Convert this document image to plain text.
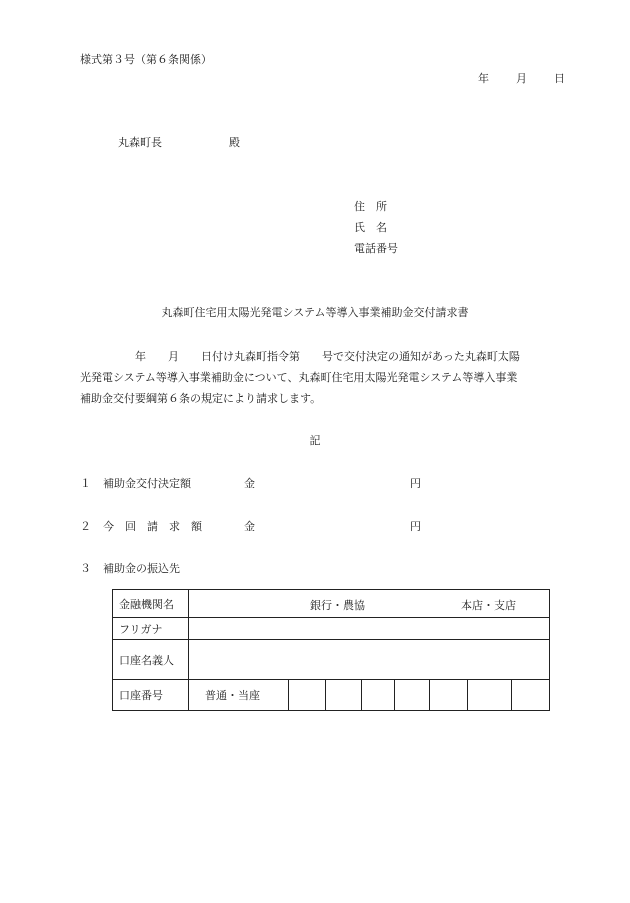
様式第３号（第６条関係）
年 月 日
丸森町長	殿
住　所
氏　名
電話番号
丸森町住宅用太陽光発電システム等導入事業補助金交付請求書
　　　　　年　　月　　日付け丸森町指令第　　号で交付決定の通知があった丸森町太陽
光発電システム等導入事業補助金について、丸森町住宅用太陽光発電システム等導入事業
補助金交付要綱第６条の規定により請求します。
記
１ 補助金交付決定額	金	円
２ 今　回　請　求　額	金	円
３ 補助金の振込先
金融機関名	銀行・農協 本店・支店							

フリガナ								
口座名義人								
口座番号	普通・当座							
